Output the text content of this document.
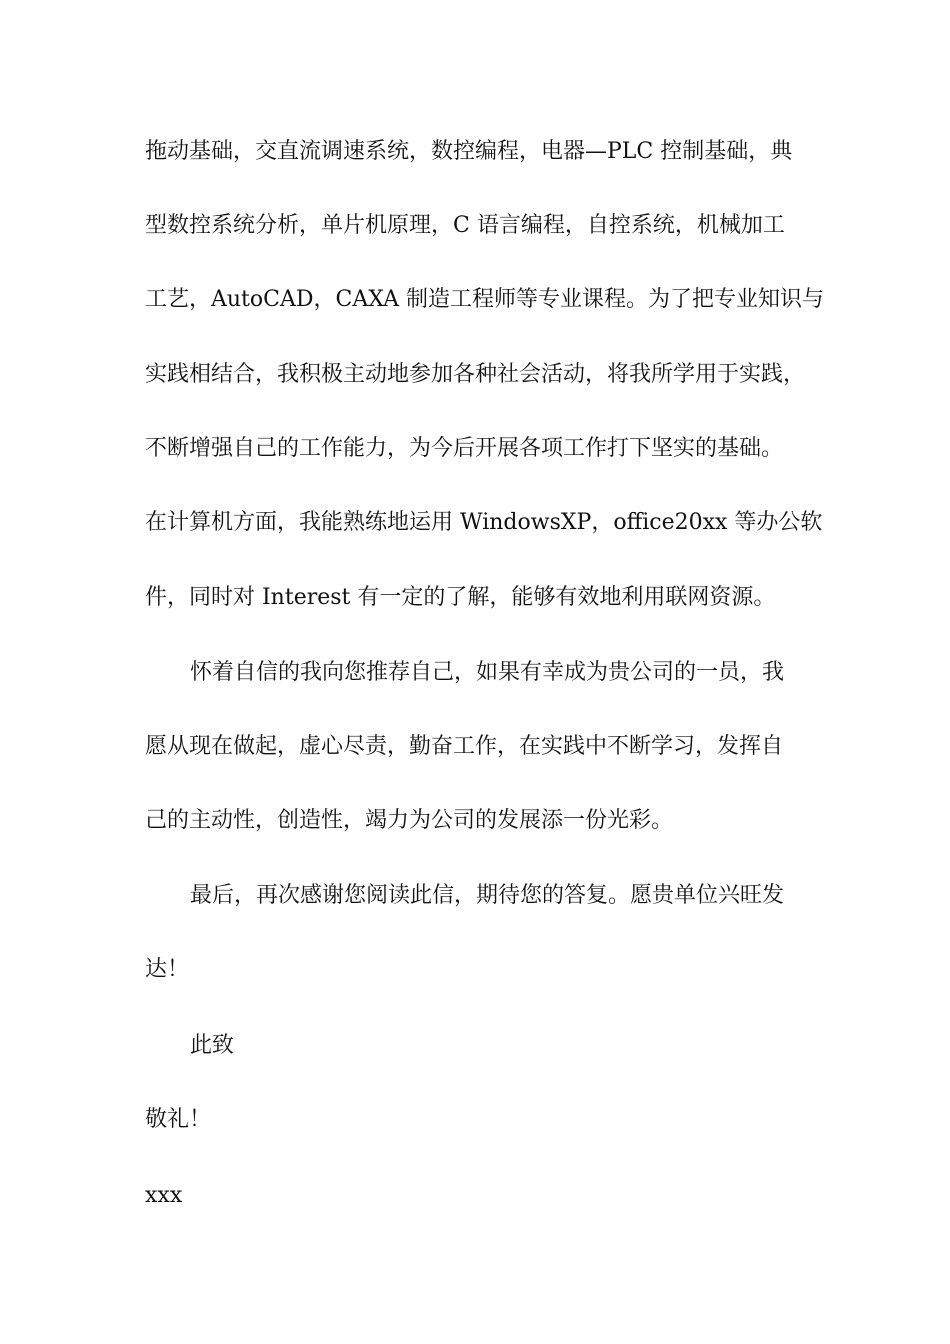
拖动基础，交直流调速系统，数控编程，电器—PLC 控制基础，典

型数控系统分析，单片机原理，C 语言编程，自控系统，机械加工

工艺，AutoCAD，CAXA 制造工程师等专业课程。为了把专业知识与

实践相结合，我积极主动地参加各种社会活动，将我所学用于实践，

不断增强自己的工作能力，为今后开展各项工作打下坚实的基础。

在计算机方面，我能熟练地运用 WindowsXP，office20xx 等办公软

件，同时对 Interest 有一定的了解，能够有效地利用联网资源。

怀着自信的我向您推荐自己，如果有幸成为贵公司的一员，我

愿从现在做起，虚心尽责，勤奋工作，在实践中不断学习，发挥自

己的主动性，创造性，竭力为公司的发展添一份光彩。

最后，再次感谢您阅读此信，期待您的答复。愿贵单位兴旺发

达！

此致

敬礼！

xxx
